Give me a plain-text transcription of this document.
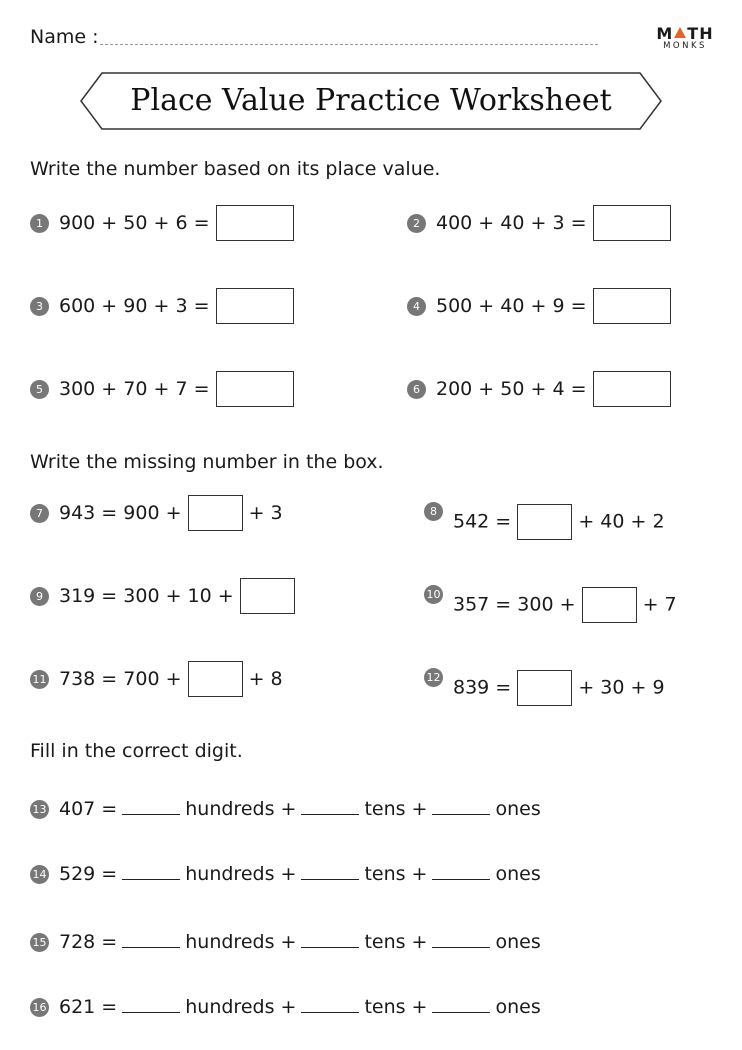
Name :	M TH
MONKS
Place Value Practice Worksheet
Write the number based on its place value.
1 900 + 50 + 6 =	2 400 + 40 + 3 =
3 600 + 90 + 3 =	4 500 + 40 + 9 =
5 300 + 70 + 7 =	6 200 + 50 + 4 =
Write the missing number in the box.
7 943 = 900 +	+ 3	8 542 =	+ 40 + 2
9 319 = 300 + 10 +	10 357 = 300 +	+ 7
11 738 = 700 +	+ 8	12 839 =	+ 30 + 9
Fill in the correct digit.
13 407 =	hundreds +	tens +	ones
14 529 =	hundreds +	tens +	ones
15 728 =	hundreds +	tens +	ones
16 621 =	hundreds +	tens +	ones
